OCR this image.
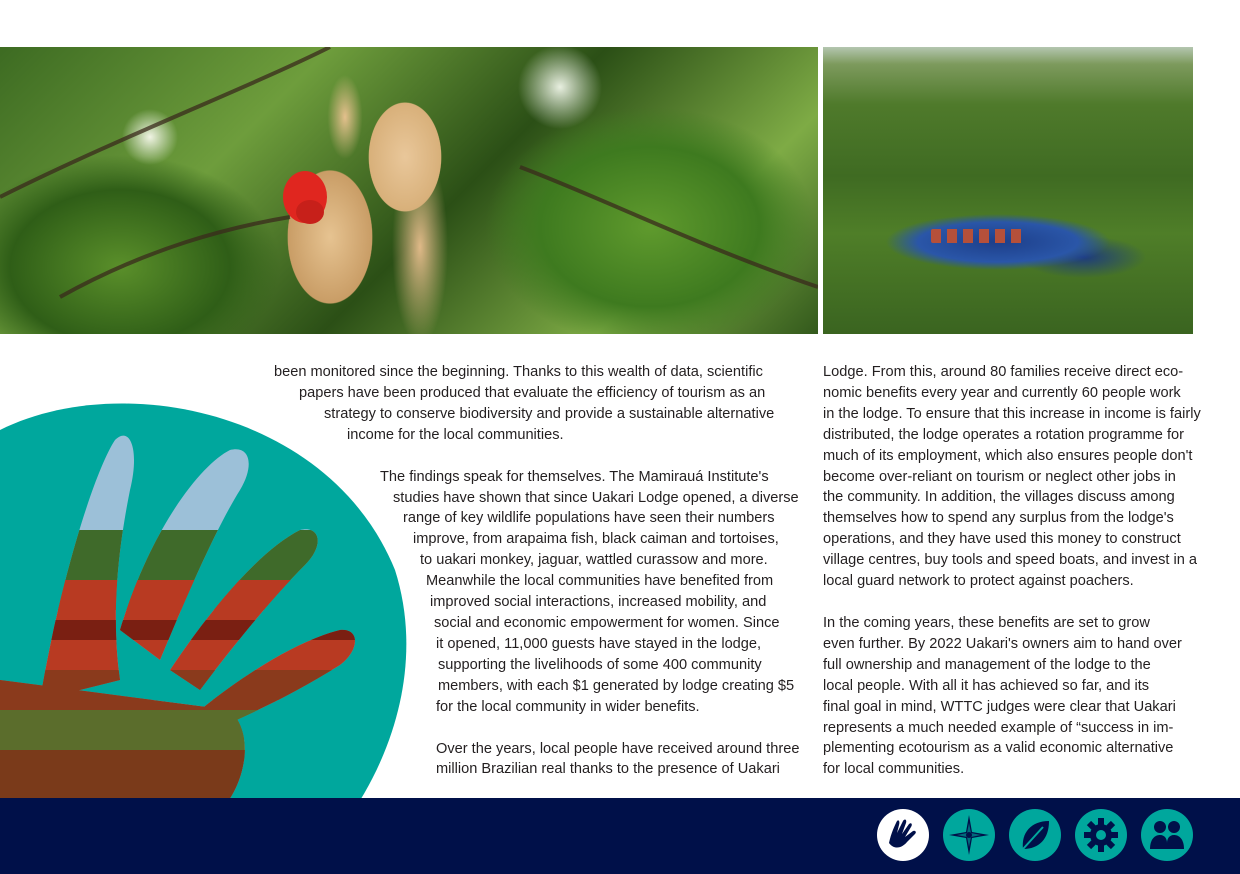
been monitored since the beginning. Thanks to this wealth of data, scientific
papers have been produced that evaluate the efficiency of tourism as an
strategy to conserve biodiversity and provide a sustainable alternative
income for the local communities.

The findings speak for themselves. The Mamirauá Institute's
studies have shown that since Uakari Lodge opened, a diverse
range of key wildlife populations have seen their numbers
improve, from arapaima fish, black caiman and tortoises,
to uakari monkey, jaguar, wattled curassow and more.
Meanwhile the local communities have benefited from
improved social interactions, increased mobility, and
social and economic empowerment for women. Since
it opened, 11,000 guests have stayed in the lodge,
supporting the livelihoods of some 400 community
members, with each $1 generated by lodge creating $5
for the local community in wider benefits.

Over the years, local people have received around three
million Brazilian real thanks to the presence of Uakari

Lodge. From this, around 80 families receive direct eco-
nomic benefits every year and currently 60 people work
in the lodge. To ensure that this increase in income is fairly
distributed, the lodge operates a rotation programme for
much of its employment, which also ensures people don't
become over-reliant on tourism or neglect other jobs in
the community. In addition, the villages discuss among
themselves how to spend any surplus from the lodge's
operations, and they have used this money to construct
village centres, buy tools and speed boats, and invest in a
local guard network to protect against poachers.

In the coming years, these benefits are set to grow
even further. By 2022 Uakari's owners aim to hand over
full ownership and management of the lodge to the
local people. With all it has achieved so far, and its
final goal in mind, WTTC judges were clear that Uakari
represents a much needed example of “success in im-
plementing ecotourism as a valid economic alternative
for local communities.
